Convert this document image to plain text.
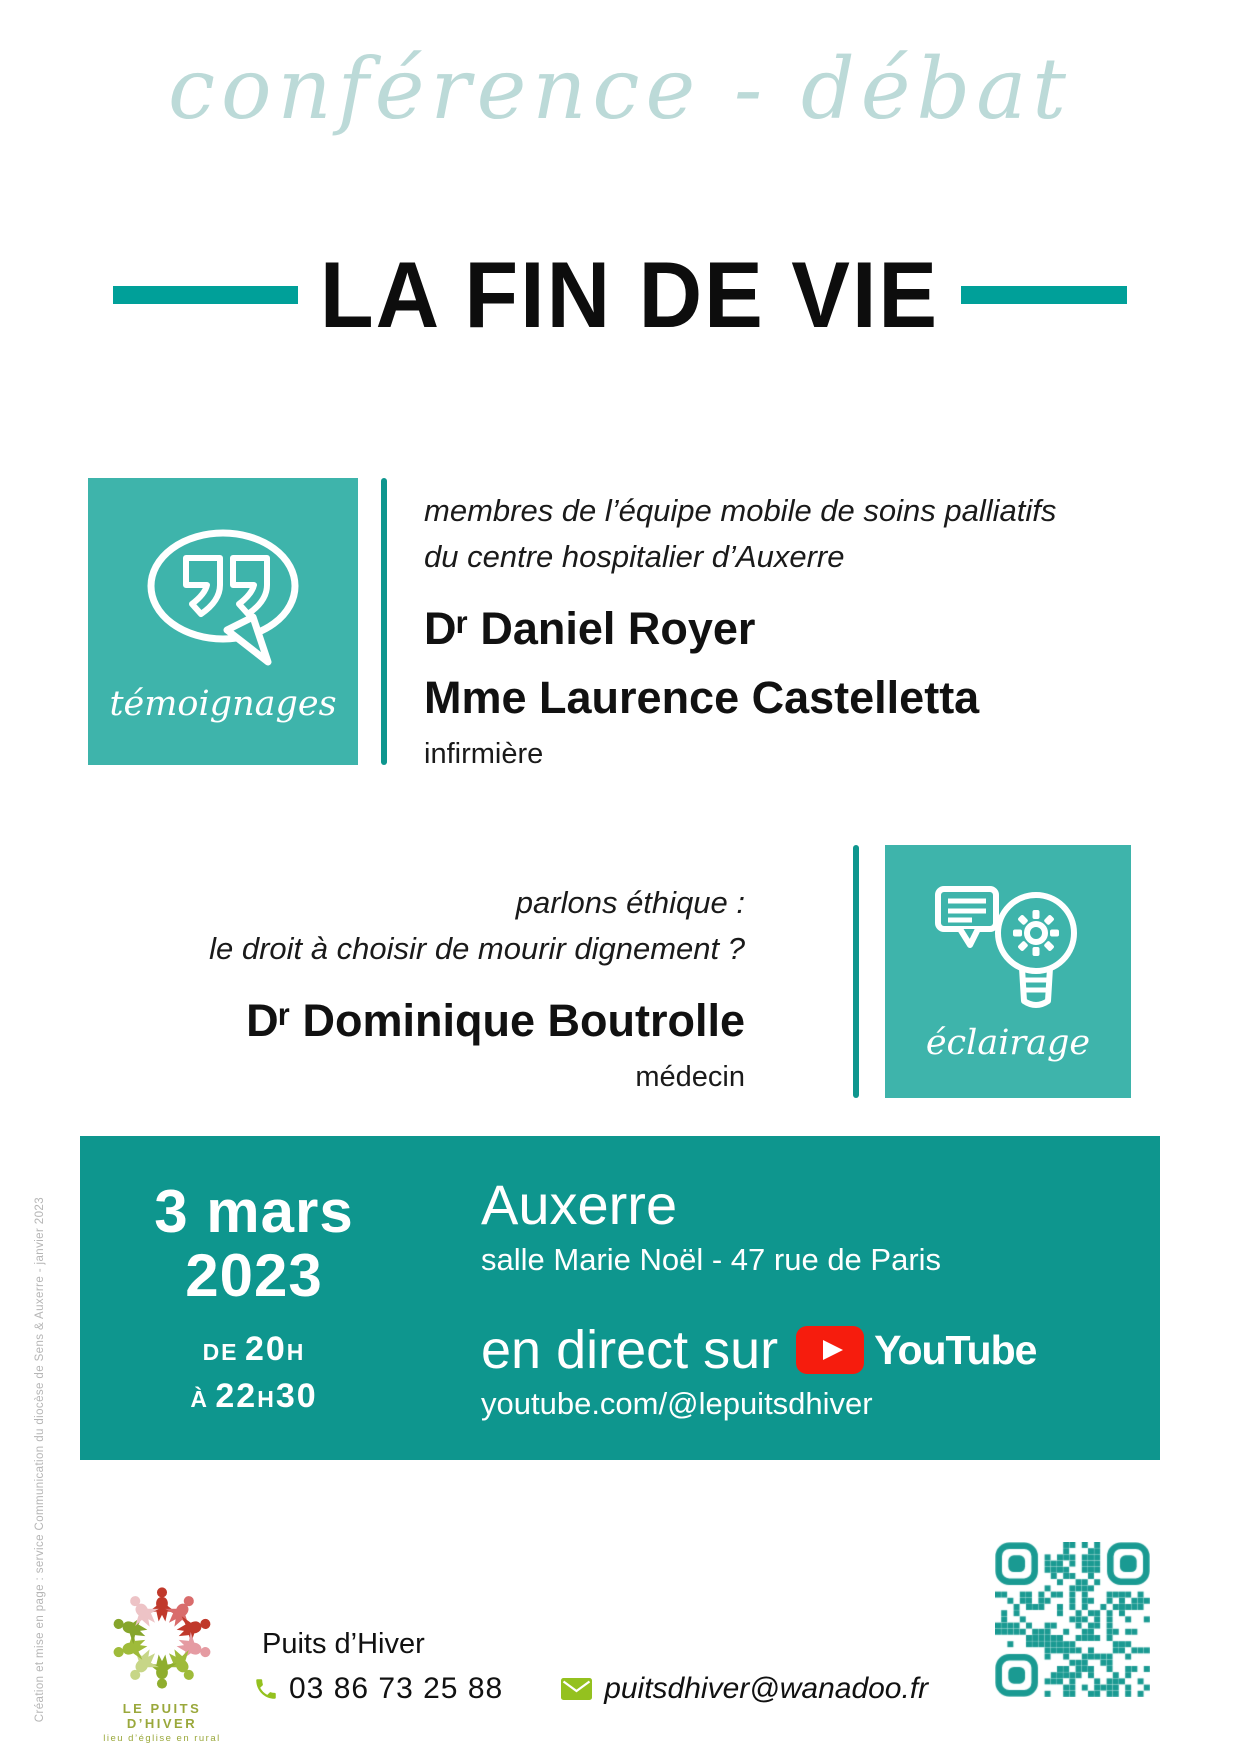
conférence - débat
LA FIN DE VIE
témoignages
membres de l’équipe mobile de soins palliatifs
du centre hospitalier d’Auxerre
Dʳ Daniel Royer
Mme Laurence Castelletta
infirmière
parlons éthique :
le droit à choisir de mourir dignement ?
Dʳ Dominique Boutrolle
médecin
éclairage
3 mars
2023
DE 20H
À 22H30
Auxerre
salle Marie Noël - 47 rue de Paris
en direct sur YouTube
youtube.com/@lepuitsdhiver
Création et mise en page : service Communication du diocèse de Sens & Auxerre - janvier 2023	LE PUITS D’HIVER
lieu d’église en rural
Puits d’Hiver
03 86 73 25 88	puitsdhiver@wanadoo.fr
